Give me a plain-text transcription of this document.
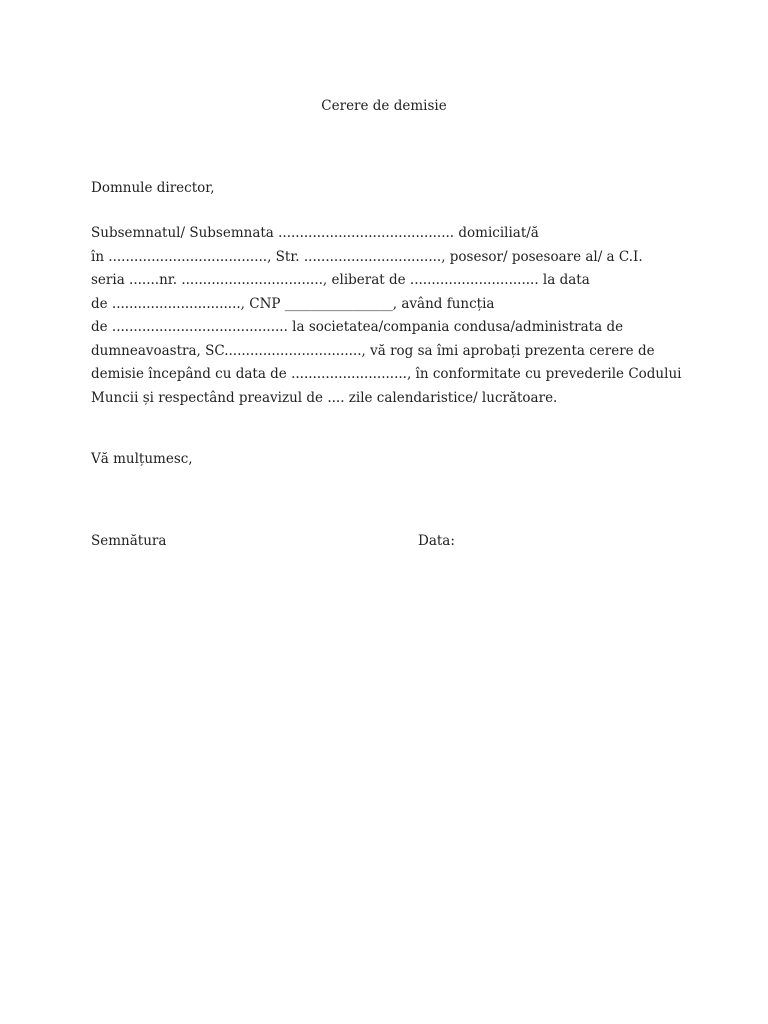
Cerere de demisie
Domnule director,
Subsemnatul/ Subsemnata ......................................... domiciliat/ă
în ....................................., Str. ................................, posesor/ posesoare al/ a C.I.
seria .......nr. ................................., eliberat de .............................. la data
de .............................., CNP ________________, având funcția
de ......................................... la societatea/compania condusa/administrata de
dumneavoastra, SC................................, vă rog sa îmi aprobați prezenta cerere de
demisie începând cu data de ..........................., în conformitate cu prevederile Codului
Muncii și respectând preavizul de .... zile calendaristice/ lucrătoare.
Vă mulțumesc,
Semnătura	Data:
